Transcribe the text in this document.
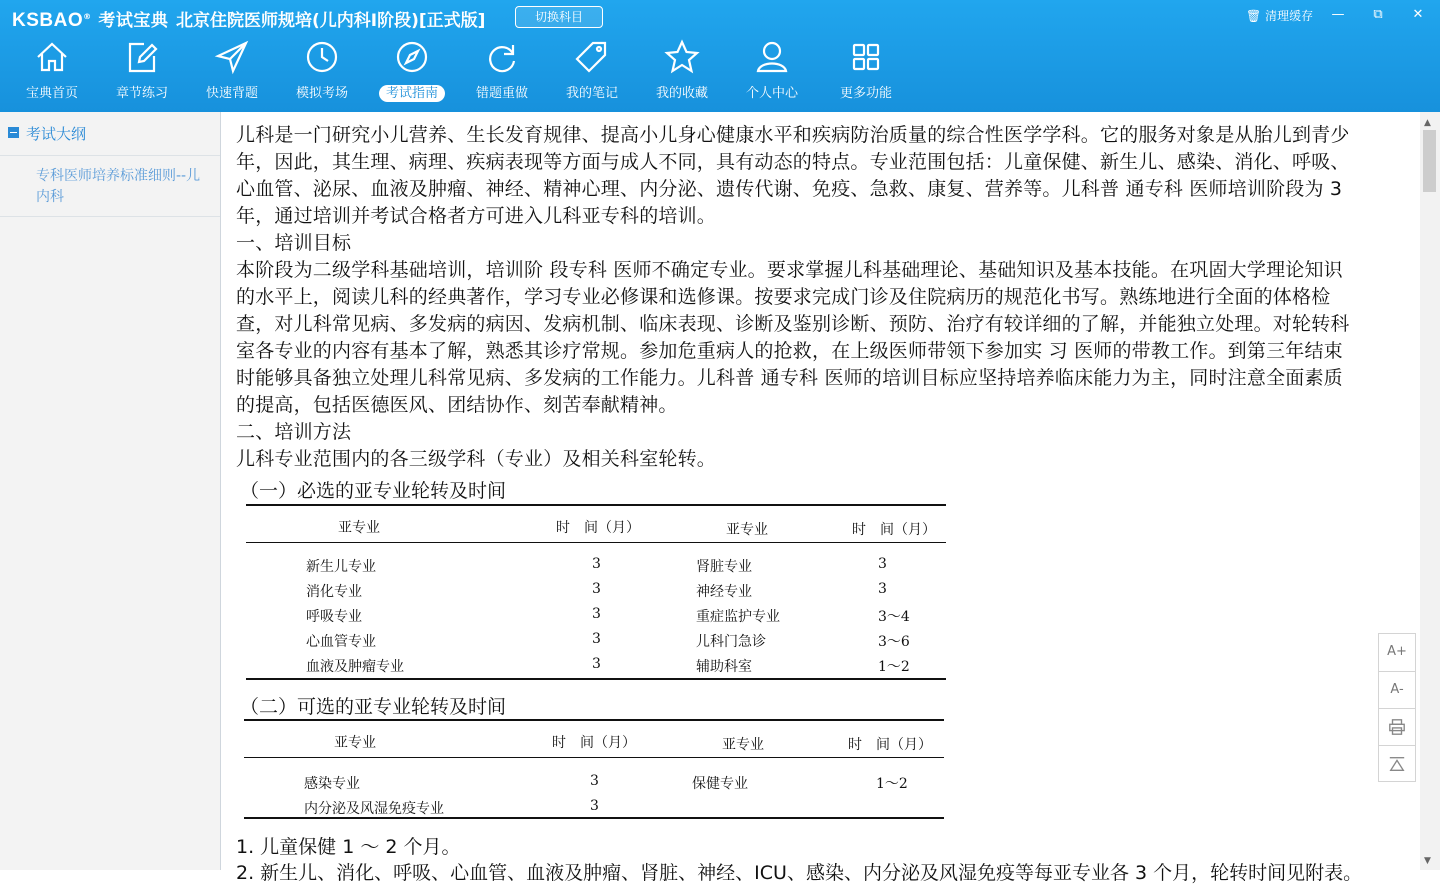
KSBAO® 考试宝典 北京住院医师规培(儿内科Ⅰ阶段)[正式版]	切换科目	🗑 清理缓存	—	⧉	✕
宝典首页	章节练习	快速背题	模拟考场	考试指南	错题重做	我的笔记	我的收藏	个人中心	更多功能
考试大纲
专科医师培养标准细则--儿内科

儿科是一门研究小儿营养、生长发育规律、提高小儿身心健康水平和疾病防治质量的综合性医学学科。它的服务对象是从胎儿到青少年，因此，其生理、病理、疾病表现等方面与成人不同，具有动态的特点。专业范围包括：儿童保健、新生儿、感染、消化、呼吸、心血管、泌尿、血液及肿瘤、神经、精神心理、内分泌、遗传代谢、免疫、急救、康复、营养等。儿科普 通专科 医师培训阶段为 3 年，通过培训并考试合格者方可进入儿科亚专科的培训。

一、培训目标

本阶段为二级学科基础培训，培训阶 段专科 医师不确定专业。要求掌握儿科基础理论、基础知识及基本技能。在巩固大学理论知识的水平上，阅读儿科的经典著作，学习专业必修课和选修课。按要求完成门诊及住院病历的规范化书写。熟练地进行全面的体格检查，对儿科常见病、多发病的病因、发病机制、临床表现、诊断及鉴别诊断、预防、治疗有较详细的了解，并能独立处理。对轮转科室各专业的内容有基本了解，熟悉其诊疗常规。参加危重病人的抢救，在上级医师带领下参加实 习 医师的带教工作。到第三年结束时能够具备独立处理儿科常见病、多发病的工作能力。儿科普 通专科 医师的培训目标应坚持培养临床能力为主，同时注意全面素质的提高，包括医德医风、团结协作、刻苦奉献精神。

二、培训方法

儿科专业范围内的各三级学科（专业）及相关科室轮转。

（一）必选的亚专业轮转及时间
亚专业	时　间（月）	亚专业	时　间（月）
新生儿专业	3	肾脏专业	3
消化专业	3	神经专业	3
呼吸专业	3	重症监护专业	3～4
心血管专业	3	儿科门急诊	3～6
血液及肿瘤专业	3	辅助科室	1～2
（二）可选的亚专业轮转及时间
亚专业	时　间（月）	亚专业	时　间（月）
感染专业	3	保健专业	1～2
内分泌及风湿免疫专业	3
1. 儿童保健 1 ～ 2 个月。
2. 新生儿、消化、呼吸、心血管、血液及肿瘤、肾脏、神经、ICU、感染、内分泌及风湿免疫等每亚专业各 3 个月，轮转时间见附表。
▲
▼
A+
A-
